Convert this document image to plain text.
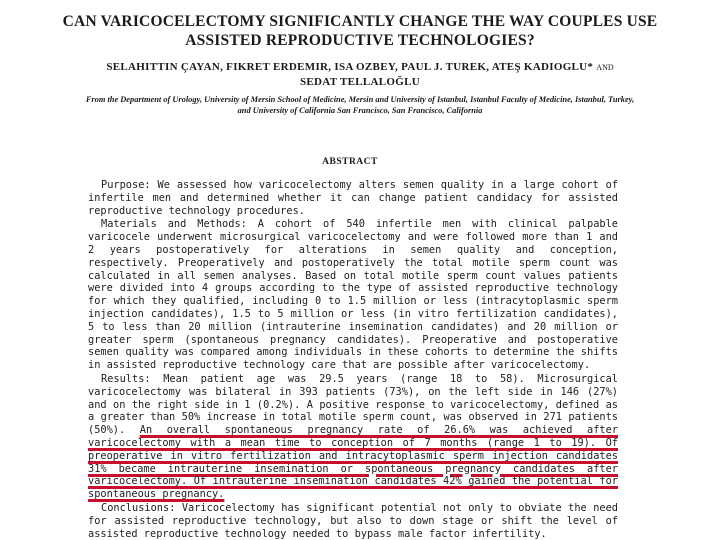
CAN VARICOCELECTOMY SIGNIFICANTLY CHANGE THE WAY COUPLES USE ASSISTED REPRODUCTIVE TECHNOLOGIES?
SELAHITTIN ÇAYAN, FIKRET ERDEMIR, ISA OZBEY, PAUL J. TUREK, ATEŞ KADIOGLU* AND
SEDAT TELLALOĞLU

From the Department of Urology, University of Mersin School of Medicine, Mersin and University of Istanbul, Istanbul Faculty of Medicine, Istanbul, Turkey, and University of California San Francisco, San Francisco, California

ABSTRACT

Purpose: We assessed how varicocelectomy alters semen quality in a large cohort of infertile men and determined whether it can change patient candidacy for assisted reproductive technology procedures.

Materials and Methods: A cohort of 540 infertile men with clinical palpable varicocele underwent microsurgical varicocelectomy and were followed more than 1 and 2 years postoperatively for alterations in semen quality and conception, respectively. Preoperatively and postoperatively the total motile sperm count was calculated in all semen analyses. Based on total motile sperm count values patients were divided into 4 groups according to the type of assisted reproductive technology for which they qualified, including 0 to 1.5 million or less (intracytoplasmic sperm injection candidates), 1.5 to 5 million or less (in vitro fertilization candidates), 5 to less than 20 million (intrauterine insemination candidates) and 20 million or greater sperm (spontaneous pregnancy candidates). Preoperative and postoperative semen quality was compared among individuals in these cohorts to determine the shifts in assisted reproductive technology care that are possible after varicocelectomy.

Results: Mean patient age was 29.5 years (range 18 to 58). Microsurgical varicocelectomy was bilateral in 393 patients (73%), on the left side in 146 (27%) and on the right side in 1 (0.2%). A positive response to varicocelectomy, defined as a greater than 50% increase in total motile sperm count, was observed in 271 patients (50%). An overall spontaneous pregnancy rate of 26.6% was achieved after varicocelectomy with a mean time to conception of 7 months (range 1 to 19). Of preoperative in vitro fertilization and intracytoplasmic sperm injection candidates 31% became intrauterine insemination or spontaneous pregnancy candidates after varicocelectomy. Of intrauterine insemination candidates 42% gained the potential for spontaneous pregnancy.

Conclusions: Varicocelectomy has significant potential not only to obviate the need for assisted reproductive technology, but also to down stage or shift the level of assisted reproductive technology needed to bypass male factor infertility.
